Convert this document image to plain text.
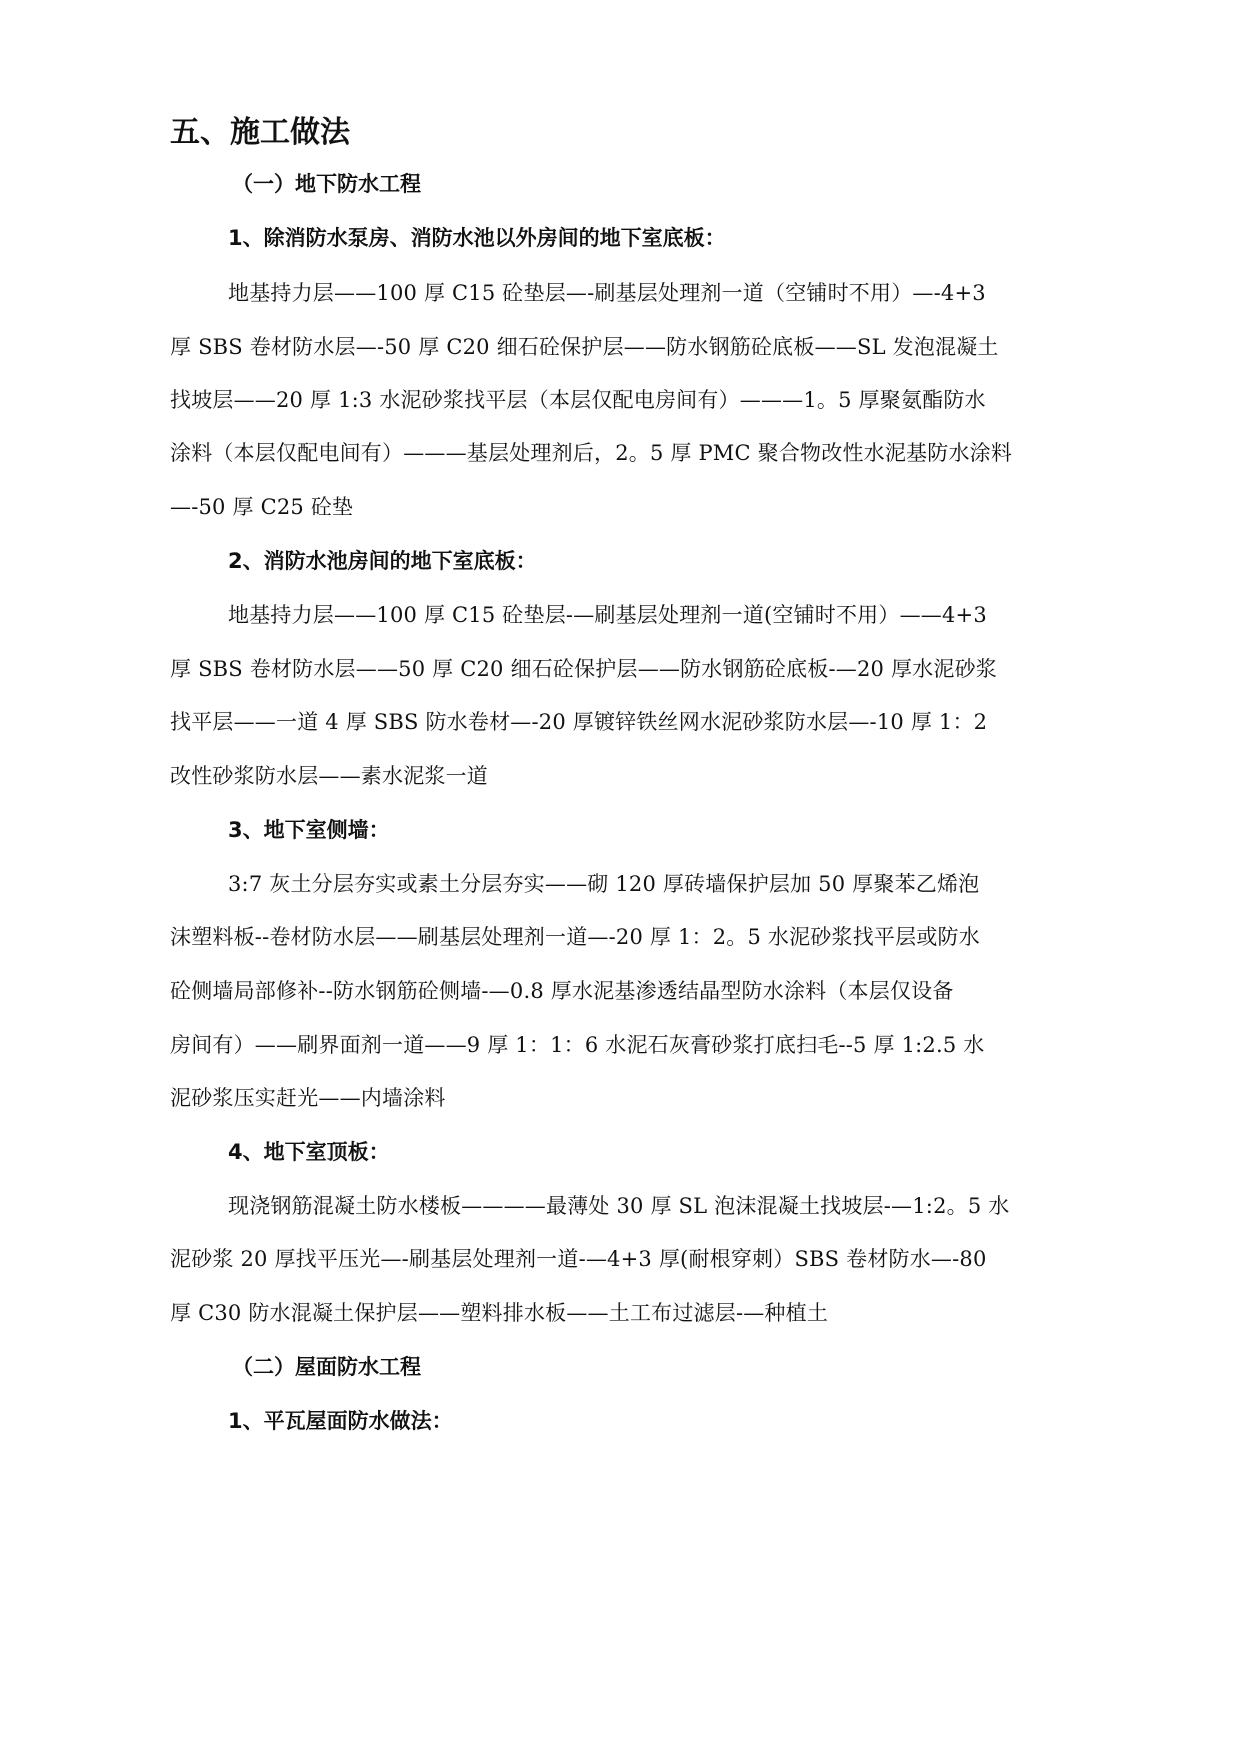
五、施工做法
（一）地下防水工程
1、除消防水泵房、消防水池以外房间的地下室底板：
地基持力层——100 厚 C15 砼垫层—-刷基层处理剂一道（空铺时不用）—-4+3
厚 SBS 卷材防水层—-50 厚 C20 细石砼保护层——防水钢筋砼底板——SL 发泡混凝土
找坡层——20 厚 1:3 水泥砂浆找平层（本层仅配电房间有）———1。5 厚聚氨酯防水
涂料（本层仅配电间有）———基层处理剂后，2。5 厚 PMC 聚合物改性水泥基防水涂料
—-50 厚 C25 砼垫
2、消防水池房间的地下室底板：
地基持力层——100 厚 C15 砼垫层-—刷基层处理剂一道(空铺时不用）——4+3
厚 SBS 卷材防水层——50 厚 C20 细石砼保护层——防水钢筋砼底板-—20 厚水泥砂浆
找平层——一道 4 厚 SBS 防水卷材—-20 厚镀锌铁丝网水泥砂浆防水层—-10 厚 1：2
改性砂浆防水层——素水泥浆一道
3、地下室侧墙：
3:7 灰土分层夯实或素土分层夯实——砌 120 厚砖墙保护层加 50 厚聚苯乙烯泡
沫塑料板--卷材防水层——刷基层处理剂一道—-20 厚 1：2。5 水泥砂浆找平层或防水
砼侧墙局部修补--防水钢筋砼侧墙-—0.8 厚水泥基渗透结晶型防水涂料（本层仅设备
房间有）——刷界面剂一道——9 厚 1：1：6 水泥石灰膏砂浆打底扫毛--5 厚 1:2.5 水
泥砂浆压实赶光——内墙涂料
4、地下室顶板：
现浇钢筋混凝土防水楼板————最薄处 30 厚 SL 泡沫混凝土找坡层-—1:2。5 水
泥砂浆 20 厚找平压光—-刷基层处理剂一道-—4+3 厚(耐根穿刺）SBS 卷材防水—-80
厚 C30 防水混凝土保护层——塑料排水板——土工布过滤层-—种植土
（二）屋面防水工程
1、平瓦屋面防水做法：
